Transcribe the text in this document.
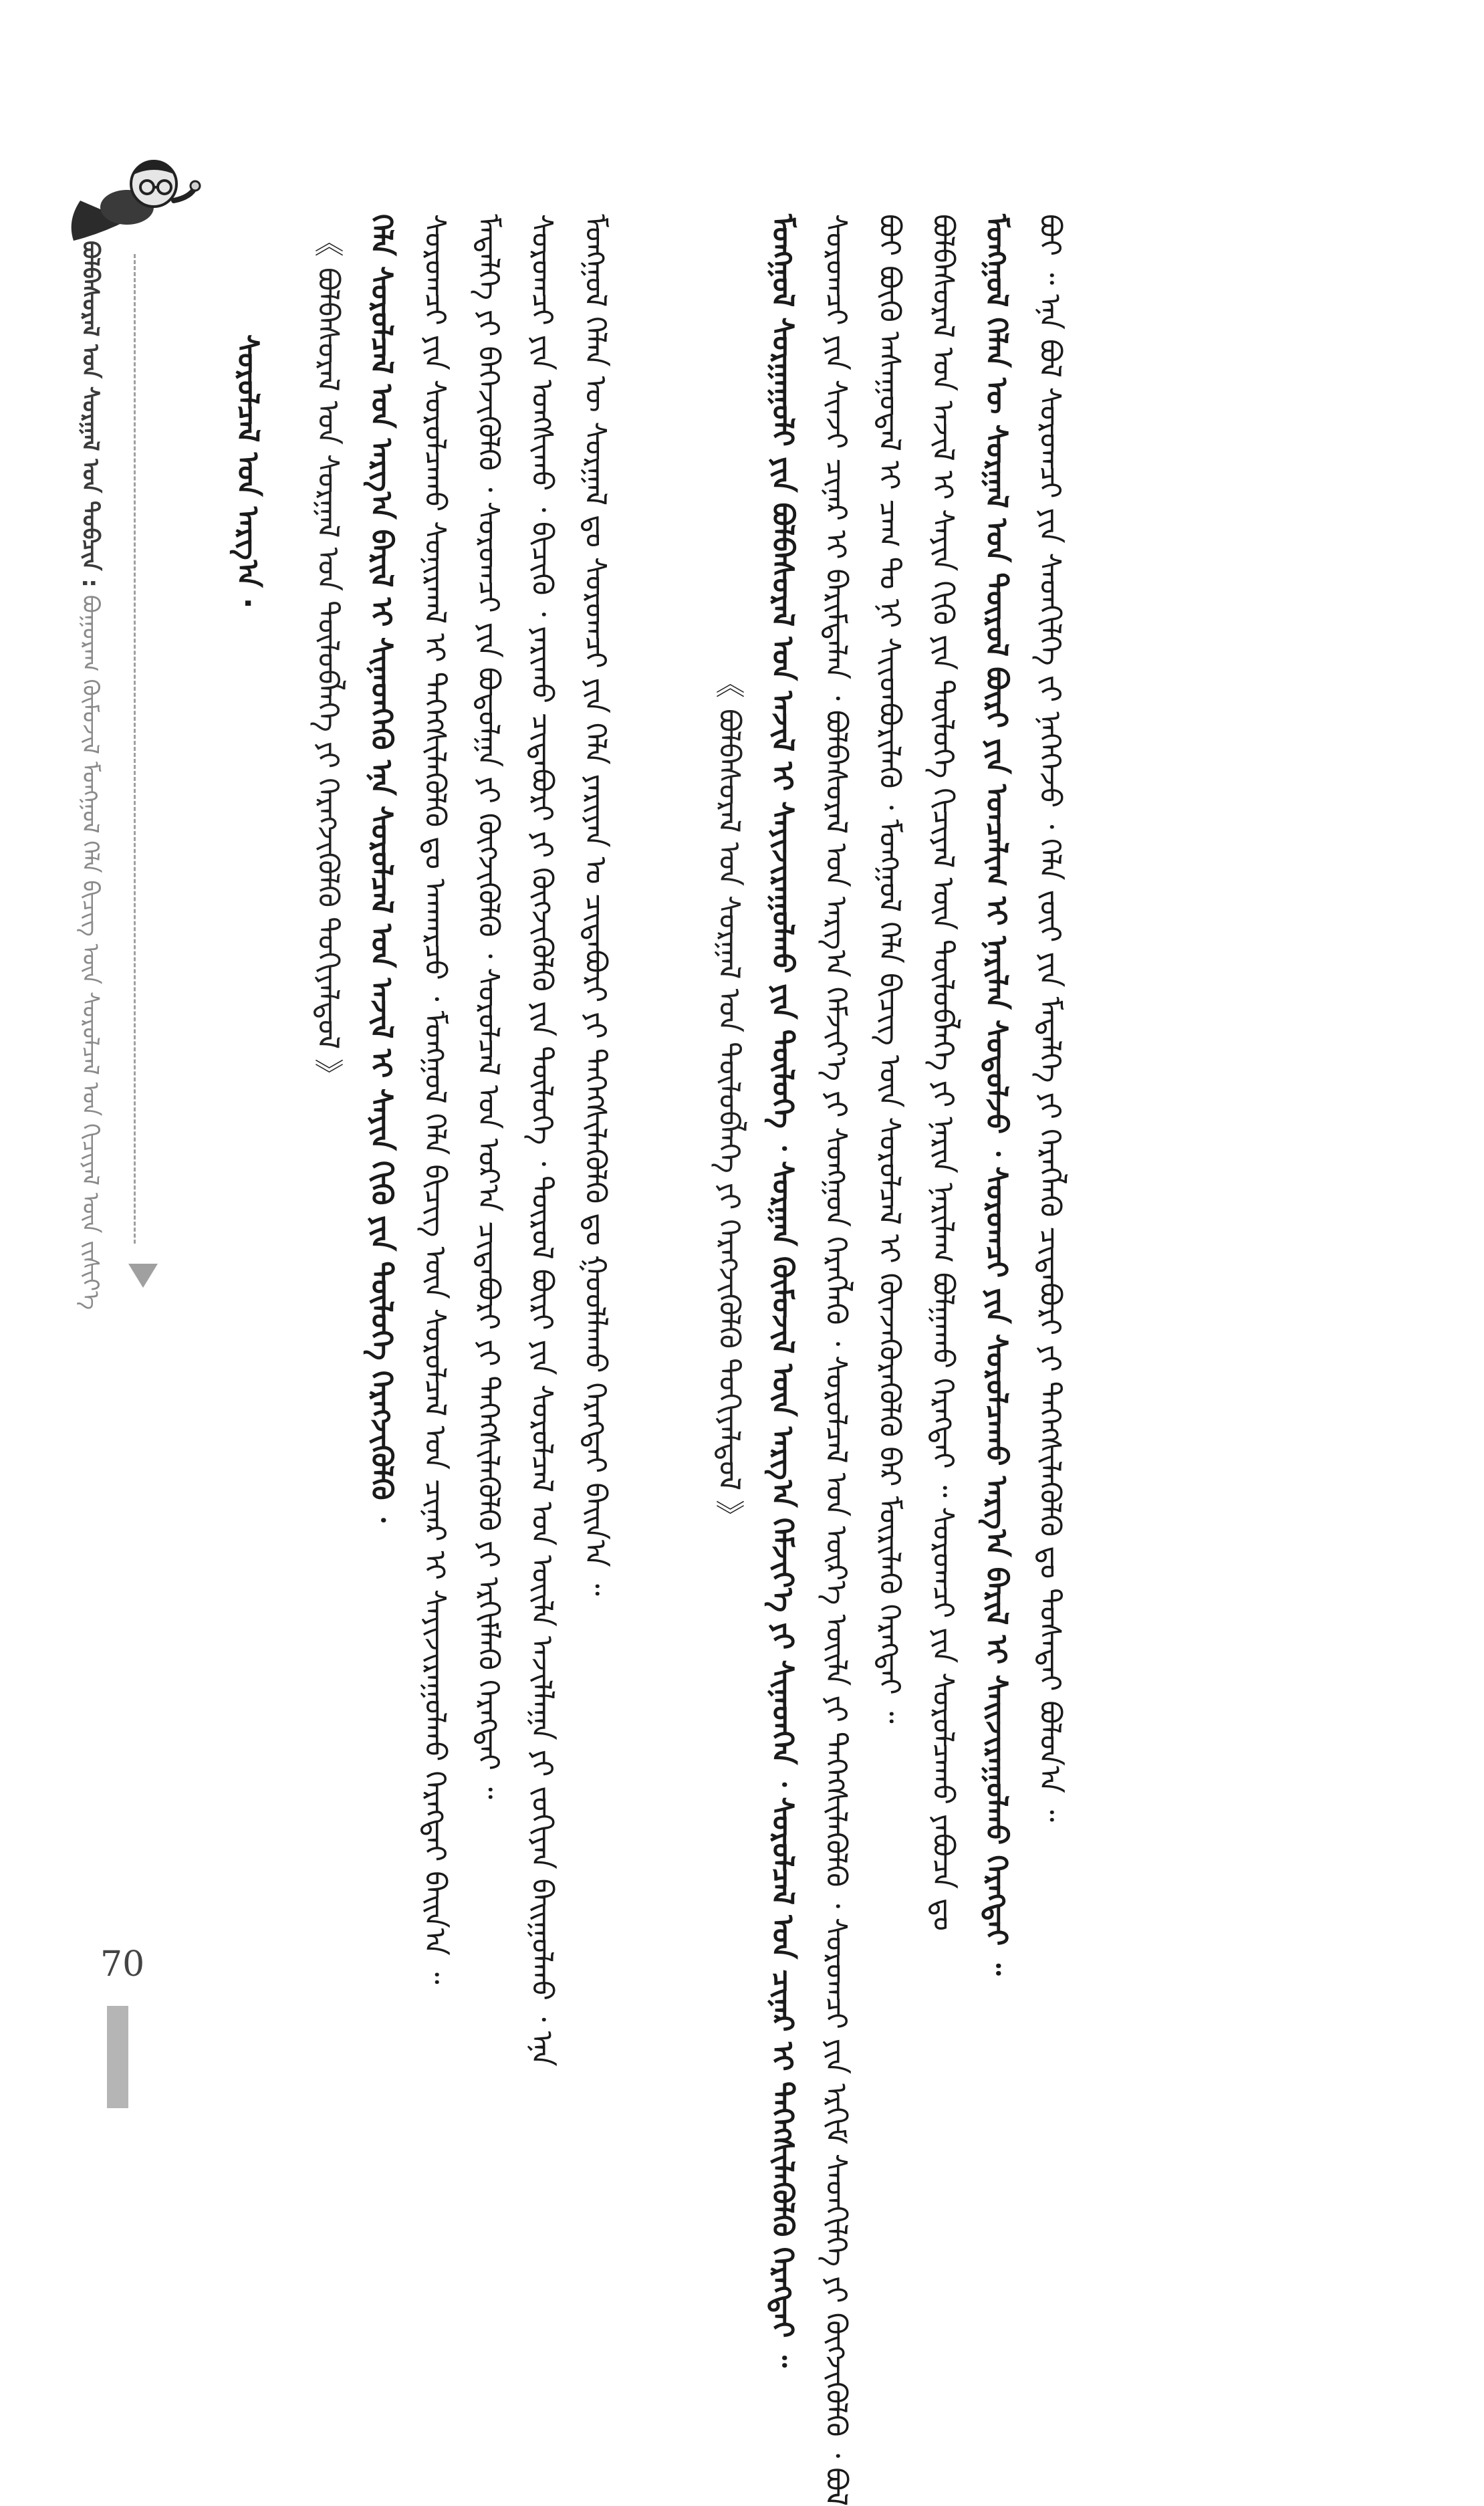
ᠪᠣᠯᠪᠠᠰᠤᠷᠠᠯ ᠤᠨ ᠰᠤᠷᠭᠠᠯ ᠤᠨ ᠲᠣᠪᠴᠢᠨ : ᠪᠣᠭᠣᠷᠠᠭ ᠬᠦᠮᠦᠵᠢᠯ ᠮᠣᠩᠭᠣᠯ ᠬᠡᠯᠡ ᠪᠢᠴᠢᠭ ᠦᠨ ᠰᠤᠷᠤᠯᠴᠠᠯ ᠤᠨ ᠬᠢᠴᠢᠶᠡᠯ ᠦᠨ ᠵᠢᠱᠢᠶ᠎ᠡ
ᠰᠤᠷᠤᠯᠴᠠᠯ ᠤᠨ ᠠᠷᠭ᠎ᠠ ·	ᠪᠤᠢ ᠃ ᠡᠨᠡ ᠪᠣᠯ ᠰᠤᠷᠤᠭᠴᠢ ᠶᠢᠨ ᠰᠡᠳᠬᠢᠯᠭᠡ ᠵᠢ ᠨᠡᠭᠡᠭᠡᠵᠦ ᠂ ᠬᠡᠯᠡ ᠵᠦᠢ ᠶᠢᠨ ᠮᠡᠳᠡᠯᠭᠡ ᠶᠢ ᠬᠡᠷᠡᠭᠯᠡᠬᠦ ᠴᠢᠳᠠᠪᠤᠷᠢ ᠶᠢ ᠳᠡᠭᠡᠭᠰᠢᠯᠡᠭᠦᠯᠬᠦ ᠳᠤ ᠲᠤᠰᠠᠲᠠᠢ ᠪᠣᠯᠤᠨ᠎ᠠ ᠃
ᠮᠣᠩᠭᠣᠯ ᠬᠡᠯᠡᠨ ᠦ ᠰᠤᠷᠭᠠᠯ ᠤᠨ ᠲᠥᠷᠥᠯ ᠪᠦᠷᠢ ᠶᠢᠨ ᠤᠨᠴᠠᠯᠢᠭ ᠢ ᠨᠠᠷᠢᠯᠠᠨ ᠰᠤᠳᠤᠯᠵᠤ ᠂ ᠰᠤᠷᠤᠭᠴᠢ ᠶᠢᠨ ᠰᠤᠷᠤᠯᠴᠠᠬᠤ ᠠᠷᠭ᠎ᠠ ᠪᠠᠷᠢᠯ ᠢ ᠰᠠᠢᠵᠢᠷᠠᠭᠤᠯᠬᠤ ᠬᠡᠷᠡᠭᠲᠡᠢ ᠃
ᠪᠣᠯᠪᠠᠰᠤᠷᠠᠯ ᠤᠨ ᠠᠵᠢᠯ ᠢ ᠰᠠᠶᠢᠨ ᠬᠢᠬᠦ ᠶᠢᠨ ᠲᠥᠯᠦᠭᠡ ᠬᠢᠴᠢᠶᠡᠯ ᠦᠨ ᠲᠥᠯᠥᠪᠯᠡᠭᠡ ᠶᠢ ᠨᠠᠷᠢᠨ ᠨᠠᠷᠢᠯᠠᠭ ᠪᠣᠯᠭᠠᠬᠤ ᠬᠡᠷᠡᠭᠲᠡᠢ ᠃ ᠰᠤᠷᠤᠭᠴᠢ ᠶᠢᠨ ᠰᠤᠷᠤᠯᠴᠠᠬᠤ ᠶᠠᠪᠤᠴᠠ ᠳᠤ
ᠪᠤᠢ ᠪᠦᠬᠦ ᠠᠰᠠᠭᠤᠳᠠᠯ ᠢ ᠴᠠᠭ ᠲᠤ ᠨᠢ ᠰᠢᠢᠳᠪᠦᠷᠢᠯᠡᠬᠦ ᠂ ᠮᠣᠩᠭᠣᠯ ᠬᠡᠯᠡ ᠪᠢᠴᠢᠭ ᠦᠨ ᠰᠤᠷᠤᠯᠴᠠᠯ ᠢ ᠭᠦᠨᠵᠡᠭᠦᠷᠡᠭᠦᠯᠬᠦ ᠪᠠᠷ ᠮᠥᠷᠢᠯᠡᠬᠦ ᠬᠡᠷᠡᠭᠲᠡᠢ ᠃
ᠰᠤᠷᠤᠭᠴᠢ ᠶᠢᠨ ᠰᠢᠨᠵᠢ ᠴᠢᠨᠠᠷ ᠢ ᠪᠠᠷᠢᠮᠲᠠᠯᠠᠨ ᠂ ᠪᠣᠯᠪᠠᠰᠤᠷᠠᠯ ᠤᠨ ᠠᠷᠭ᠎ᠠ ᠬᠡᠮᠵᠢᠶ᠎ᠡ ᠶᠢ ᠰᠣᠩᠭᠣᠨ ᠬᠡᠷᠡᠭᠯᠡᠬᠦ ᠂ ᠰᠤᠷᠤᠯᠴᠠᠯ ᠤᠨ ᠦᠷ᠎ᠡ ᠦᠢᠯᠡ ᠶᠢ ᠳᠡᠭᠡᠭᠰᠢᠯᠡᠭᠦᠯᠬᠦ ᠂ ᠰᠤᠷᠤᠭᠴᠢ ᠶᠢᠨ ᠡᠷᠬᠢᠮ ᠰᠡᠳᠬᠢᠯᠭᠡ ᠶᠢ ᠬᠥᠭᠵᠢᠭᠦᠯᠬᠦ ᠂ ᠪᠣᠯ
ᠮᠣᠩᠭᠣᠯ ᠰᠤᠷᠭᠠᠭᠤᠯᠢ ᠶᠢᠨ ᠪᠣᠯᠪᠠᠰᠤᠷᠠᠯ ᠤᠨ ᠠᠵᠢᠯ ᠢ ᠰᠠᠶᠢᠵᠢᠷᠠᠭᠤᠯᠬᠤ ᠶᠢᠨ ᠲᠥᠯᠦᠭᠡ ᠂ ᠰᠤᠷᠭᠠᠨ ᠬᠦᠮᠦᠵᠢᠯ ᠦᠨ ᠠᠷᠭ᠎ᠠ ᠬᠡᠮᠵᠢᠶ᠎ᠡ ᠶᠢ ᠰᠢᠨᠡᠳᠬᠡᠨ ᠂ ᠰᠤᠷᠤᠯᠴᠠᠯ ᠤᠨ ᠴᠢᠨᠠᠷ ᠢ ᠳᠡᠭᠡᠭᠰᠢᠯᠡᠭᠦᠯᠬᠦ ᠬᠡᠷᠡᠭᠲᠡᠢ ᠃
《 ᠪᠣᠯᠪᠠᠰᠤᠷᠠᠯ ᠤᠨ ᠰᠤᠷᠭᠠᠯ ᠤᠨ ᠲᠥᠯᠥᠪᠯᠡᠭᠡ ᠶᠢ ᠬᠡᠷᠡᠭᠵᠢᠭᠦᠯᠬᠦ ᠲᠣᠬᠢᠶᠠᠯᠳᠤᠯ 》
ᠮᠣᠩᠭᠣᠯ ᠬᠡᠯᠡᠨ ᠦ ᠰᠤᠷᠭᠠᠯ ᠳᠤ ᠰᠤᠷᠤᠭᠴᠢ ᠶᠢᠨ ᠬᠡᠯᠡ ᠶᠠᠷᠢᠶᠠᠨ ᠤ ᠴᠢᠳᠠᠪᠤᠷᠢ ᠶᠢ ᠳᠡᠭᠡᠭᠰᠢᠯᠡᠭᠦᠯᠬᠦ ᠳᠤ ᠭᠣᠣᠯᠯᠠᠬᠤ ᠬᠡᠷᠡᠭᠲᠡᠢ ᠪᠠᠢᠨ᠎ᠠ ᠃
ᠰᠤᠷᠤᠭᠴᠢ ᠶᠢᠨ ᠤᠩᠰᠢᠬᠤ ᠂ ᠪᠢᠴᠢᠬᠦ ᠂ ᠶᠠᠷᠢᠬᠤ ᠴᠢᠳᠠᠪᠤᠷᠢ ᠶᠢ ᠬᠥᠭᠵᠢᠭᠦᠯᠬᠦ ᠶᠢᠨ ᠲᠥᠯᠦᠭᠡ ᠂ ᠲᠥᠷᠥᠯ ᠪᠦᠷᠢ ᠶᠢᠨ ᠰᠤᠷᠤᠯᠴᠠᠯ ᠤᠨ ᠦᠢᠯᠡ ᠠᠵᠢᠯᠯᠠᠭᠠ ᠶᠢ ᠵᠣᠬᠢᠶᠠᠨ ᠪᠠᠢᠭᠤᠯᠬᠤ ᠂ ᠡᠨᠡ
ᠮᠡᠳᠡᠯᠭᠡ ᠶᠢ ᠪᠡᠬᠡᠵᠢᠭᠦᠯᠬᠦ ᠂ ᠰᠤᠷᠤᠭᠴᠢ ᠶᠢᠨ ᠪᠣᠳᠣᠯᠭᠠ ᠶᠢ ᠬᠥᠭᠵᠢᠭᠦᠯᠬᠦ ᠂ ᠰᠤᠷᠤᠯᠴᠠᠯ ᠤᠨ ᠤᠷ᠎ᠠ ᠴᠢᠳᠠᠪᠤᠷᠢ ᠶᠢ ᠳᠡᠭᠡᠭᠰᠢᠯᠡᠭᠦᠯᠬᠦ ᠶᠢ ᠡᠷᠬᠢᠮᠯᠡᠬᠦ ᠬᠡᠷᠡᠭᠲᠡᠢ ᠃
ᠰᠤᠷᠤᠭᠴᠢ ᠶᠢᠨ ᠰᠤᠷᠤᠯᠴᠠᠬᠤ ᠰᠣᠨᠢᠷᠬᠠᠯ ᠢ ᠳᠡᠭᠡᠭᠰᠢᠯᠡᠭᠦᠯᠬᠦ ᠳᠤ ᠠᠨᠬᠠᠷᠴᠤ ᠂ ᠮᠣᠩᠭᠣᠯ ᠬᠡᠯᠡ ᠪᠢᠴᠢᠭ ᠦᠨ ᠰᠤᠷᠤᠯᠴᠠᠯ ᠤᠨ ᠴᠢᠨᠠᠷ ᠢ ᠰᠠᠶᠢᠵᠢᠷᠠᠭᠤᠯᠬᠤ ᠬᠡᠷᠡᠭᠲᠡᠢ ᠪᠠᠢᠨ᠎ᠠ ᠃
ᠬᠡᠯᠡ ᠰᠤᠷᠤᠯᠴᠠᠯ ᠤᠨ ᠠᠷᠭ᠎ᠠ ᠪᠠᠷᠢᠯ ᠢ ᠰᠢᠨᠡᠳᠬᠡᠬᠦ ᠡᠨᠡ ᠰᠤᠷᠤᠯᠴᠠᠯ ᠤᠨ ᠠᠵᠢᠯ ᠢ ᠰᠠᠶᠢᠨ ᠬᠢᠬᠦ ᠶᠢᠨ ᠲᠥᠯᠦᠭᠡ ᠬᠡᠷᠡᠭᠵᠢᠭᠦᠯᠬᠦ ᠂
《 ᠪᠣᠯᠪᠠᠰᠤᠷᠠᠯ ᠤᠨ ᠰᠤᠷᠭᠠᠯ ᠤᠨ ᠲᠥᠯᠥᠪᠯᠡᠭᠡ ᠶᠢ ᠬᠡᠷᠡᠭᠵᠢᠭᠦᠯᠬᠦ ᠲᠣᠬᠢᠶᠠᠯᠳᠤᠯ 》
70
